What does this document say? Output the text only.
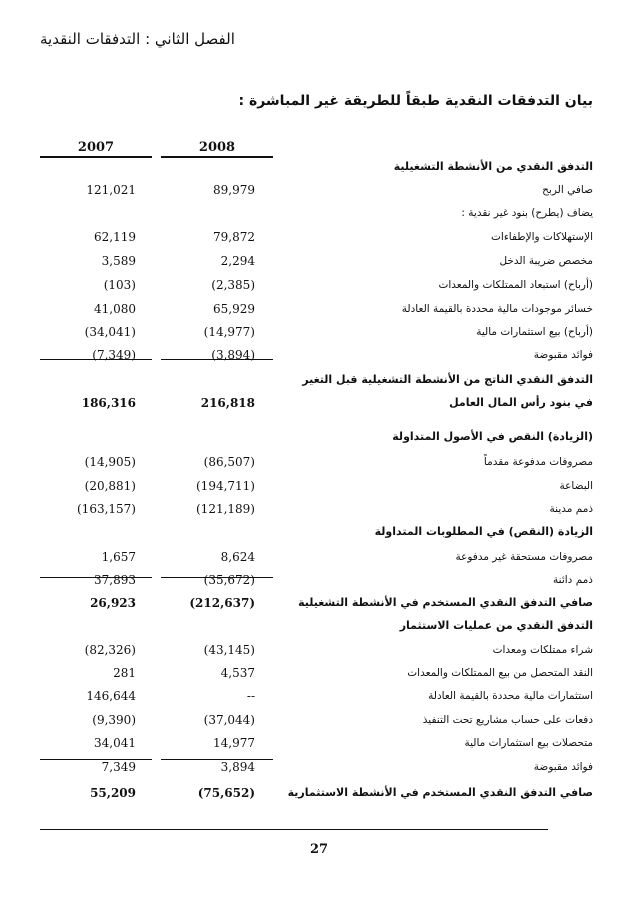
الفصل الثاني : التدفقات النقدية
بيان التدفقات النقدية طبقاً للطريقة غير المباشرة :
2008
2007
التدفق النقدي من الأنشطة التشغيلية
صافي الربح
89,979
121,021
يضاف (يطرح) بنود غير نقدية :
الإستهلاكات والإطفاءات
79,872
62,119
مخصص ضريبة الدخل
2,294
3,589
(أرباح) استبعاد الممتلكات والمعدات
(2,385)
(103)
خسائر موجودات مالية محددة بالقيمة العادلة
65,929
41,080
(أرباح) بيع استثمارات مالية
(14,977)
(34,041)
فوائد مقبوضة
(3,894)
(7,349)
التدفق النقدي الناتج من الأنشطة التشغيلية قبل التغير
في بنود رأس المال العامل
216,818
186,316
(الزيادة) النقص في الأصول المتداولة
مصروفات مدفوعة مقدماً
(86,507)
(14,905)
البضاعة
(194,711)
(20,881)
ذمم مدينة
(121,189)
(163,157)
الزيادة (النقص) في المطلوبات المتداولة
مصروفات مستحقة غير مدفوعة
8,624
1,657
ذمم دائنة
(35,672)
37,893
صافي التدفق النقدي المستخدم في الأنشطة التشغيلية
(212,637)
26,923
التدفق النقدي من عمليات الاستثمار
شراء ممتلكات ومعدات
(43,145)
(82,326)
النقد المتحصل من بيع الممتلكات والمعدات
4,537
281
استثمارات مالية محددة بالقيمة العادلة
--
146,644
دفعات على حساب مشاريع تحت التنفيذ
(37,044)
(9,390)
متحصلات بيع استثمارات مالية
14,977
34,041
فوائد مقبوضة
3,894
7,349
صافي التدفق النقدي المستخدم في الأنشطة الاستثمارية
(75,652)
55,209
27
